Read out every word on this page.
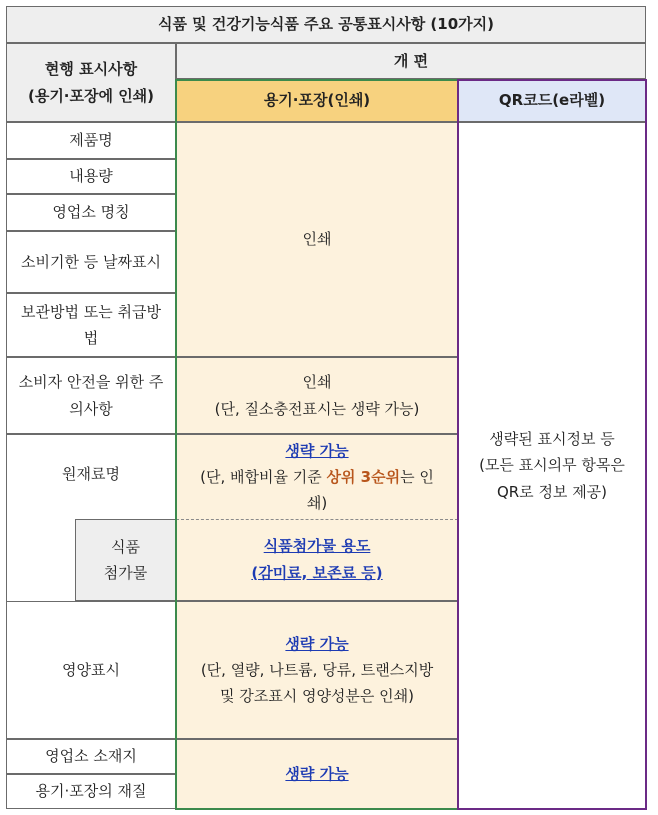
식품 및 건강기능식품 주요 공통표시사항 (10가지)
현행 표시사항
(용기·포장에 인쇄)
개 편
용기·포장(인쇄)	QR코드(e라벨)
제품명
내용량
영업소 명칭
소비기한 등 날짜표시
보관방법 또는 취급방
법
소비자 안전을 위한 주
의사항
원재료명
식품
첨가물
영양표시
영업소 소재지
용기·포장의 재질
인쇄
인쇄
(단, 질소충전표시는 생략 가능)
생략 가능
(단, 배합비율 기준 상위 3순위는 인
쇄)
식품첨가물 용도
(감미료, 보존료 등)
생략 가능
(단, 열량, 나트륨, 당류, 트랜스지방
및 강조표시 영양성분은 인쇄)
생략 가능
생략된 표시정보 등
(모든 표시의무 항목은
QR로 정보 제공)
